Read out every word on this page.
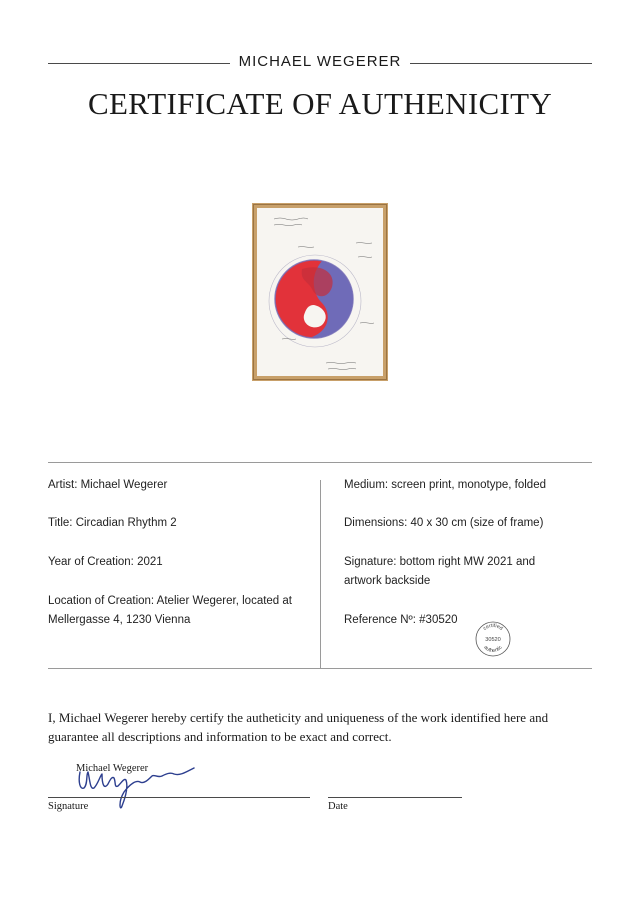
MICHAEL WEGERER
CERTIFICATE OF AUTHENICITY
Artist: Michael Wegerer
Title: Circadian Rhythm 2
Year of Creation: 2021
Location of Creation: Atelier Wegerer, located at Mellergasse 4, 1230 Vienna
Medium: screen print, monotype, folded
Dimensions: 40 x 30 cm (size of frame)
Signature: bottom right MW 2021 and artwork backside
Reference Nº: #30520
certified
30520
authentic
I, Michael Wegerer hereby certify the autheticity and uniqueness of the work identified here and guarantee all descriptions and information to be exact and correct.
Michael Wegerer
Signature	Date
